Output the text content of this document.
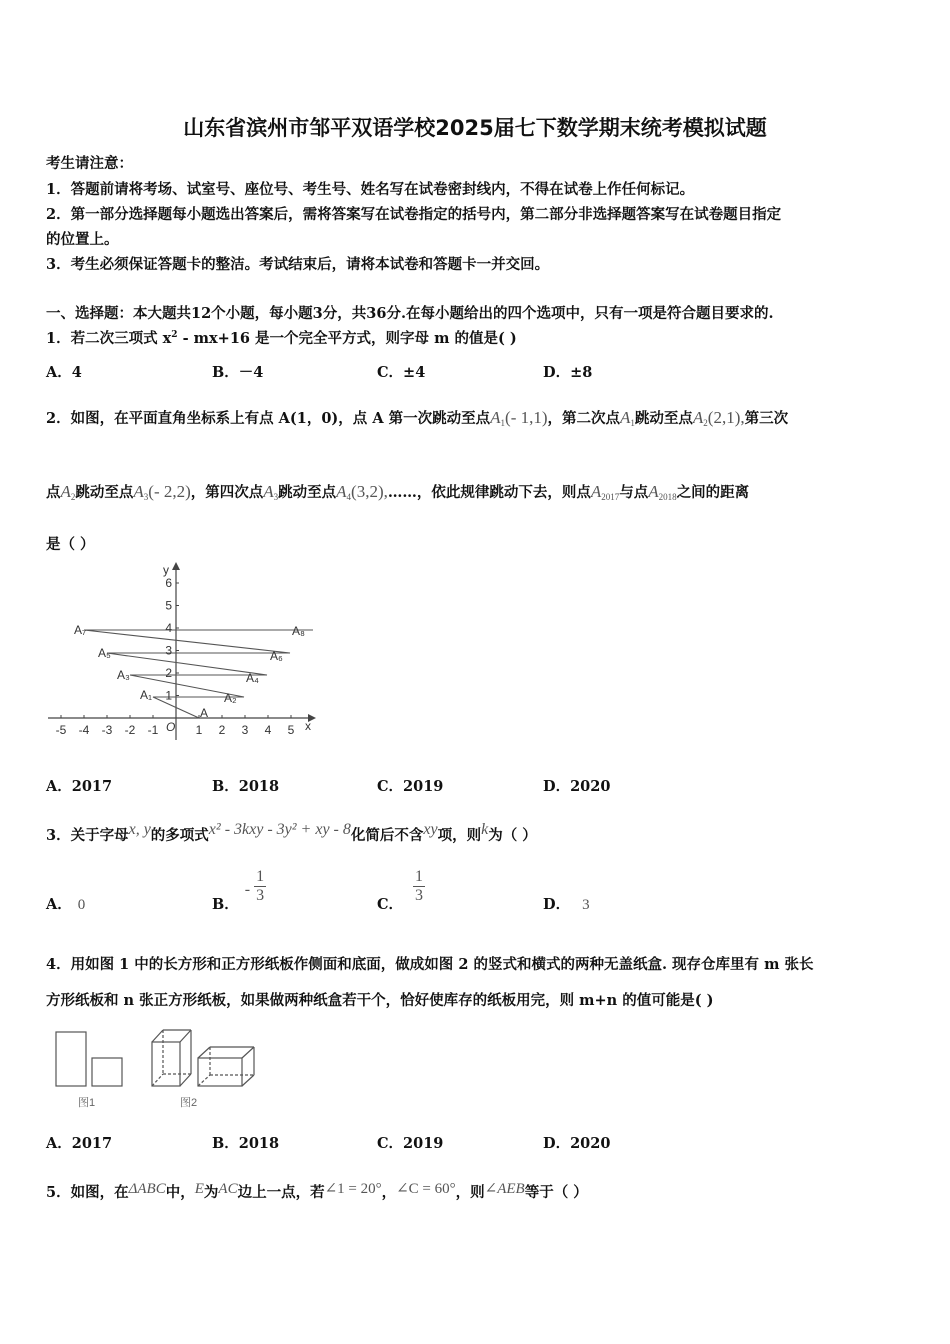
山东省滨州市邹平双语学校2025届七下数学期末统考模拟试题
考生请注意：
1．答题前请将考场、试室号、座位号、考生号、姓名写在试卷密封线内，不得在试卷上作任何标记。
2．第一部分选择题每小题选出答案后，需将答案写在试卷指定的括号内，第二部分非选择题答案写在试卷题目指定
的位置上。
3．考生必须保证答题卡的整洁。考试结束后，请将本试卷和答题卡一并交回。
一、选择题：本大题共12个小题，每小题3分，共36分.在每小题给出的四个选项中，只有一项是符合题目要求的.
1．若二次三项式 $x^2 - mx+16$ 是一个完全平方式，则字母 m 的值是( )
A．4	B．－4	C．±4	D．±8
2．如图，在平面直角坐标系上有点 A(1，0)，点 A 第一次跳动至点$A_1(-$ 1,1)，第二次点$A_1$跳动至点$A_2(2,1)$,第三次
点$A_2$跳动至点$A_3(-$ 2,2)，第四次点$A_3$跳动至点$A_4(3,2),\dots\dots$，依此规律跳动下去，则点$A_{2017}$与点$A_{2018}$之间的距离
是（ ）
-5 -4 -3 -2 -1	1 2 3 4 5
1
2
3
4
5
6
x
y
O
A
A₁	A₂
A₃	A₄
A₅	A₆
A₇	A₈
A．2017	B．2018	C．2019	D．2020
3．关于字母x, y的多项式x² - 3kxy - 3y² + xy - 8化简后不含xy项，则k为（ ）
A． 0	B．- $\frac{1}{3}$	C． $\frac{1}{3}$	D． 3
4．用如图 1 中的长方形和正方形纸板作侧面和底面，做成如图 2 的竖式和横式的两种无盖纸盒. 现存仓库里有 m 张长
方形纸板和 n 张正方形纸板，如果做两种纸盒若干个，恰好使库存的纸板用完，则 m+n 的值可能是( )
图1	图2
A．2017	B．2018	C．2019	D．2020
5．如图，在ΔABC中，E为AC边上一点，若∠1 = 20°，∠C = 60°，则∠AEB等于（ ）
